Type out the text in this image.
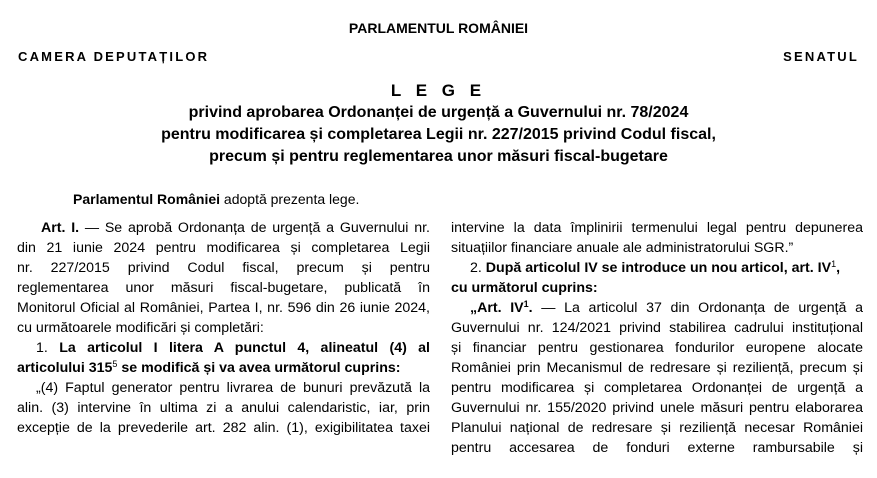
PARLAMENTUL ROMÂNIEI
CAMERA DEPUTAȚILOR	SENATUL
L E G E
privind aprobarea Ordonanței de urgență a Guvernului nr. 78/2024
pentru modificarea și completarea Legii nr. 227/2015 privind Codul fiscal,
precum și pentru reglementarea unor măsuri fiscal-bugetare
Parlamentul României adoptă prezenta lege.
Art. I. — Se aprobă Ordonanța de urgență a Guvernului nr.
din 21 iunie 2024 pentru modificarea și completarea Legii
nr. 227/2015 privind Codul fiscal, precum și pentru
reglementarea unor măsuri fiscal-bugetare, publicată în
Monitorul Oficial al României, Partea I, nr. 596 din 26 iunie 2024,
cu următoarele modificări și completări:
1. La articolul I litera A punctul 4, alineatul (4) al
articolului $315^5$ se modifică și va avea următorul cuprins:
„(4) Faptul generator pentru livrarea de bunuri prevăzută la
alin. (3) intervine în ultima zi a anului calendaristic, iar, prin
excepție de la prevederile art. 282 alin. (1), exigibilitatea taxei
intervine la data împlinirii termenului legal pentru depunerea
situațiilor financiare anuale ale administratorului SGR.”
2. După articolul IV se introduce un nou articol, art. $IV^1$,
cu următorul cuprins:
„Art. $IV^1$. — La articolul 37 din Ordonanța de urgență a
Guvernului nr. 124/2021 privind stabilirea cadrului instituțional
și financiar pentru gestionarea fondurilor europene alocate
României prin Mecanismul de redresare și reziliență, precum și
pentru modificarea și completarea Ordonanței de urgență a
Guvernului nr. 155/2020 privind unele măsuri pentru elaborarea
Planului național de redresare și reziliență necesar României
pentru accesarea de fonduri externe rambursabile și
